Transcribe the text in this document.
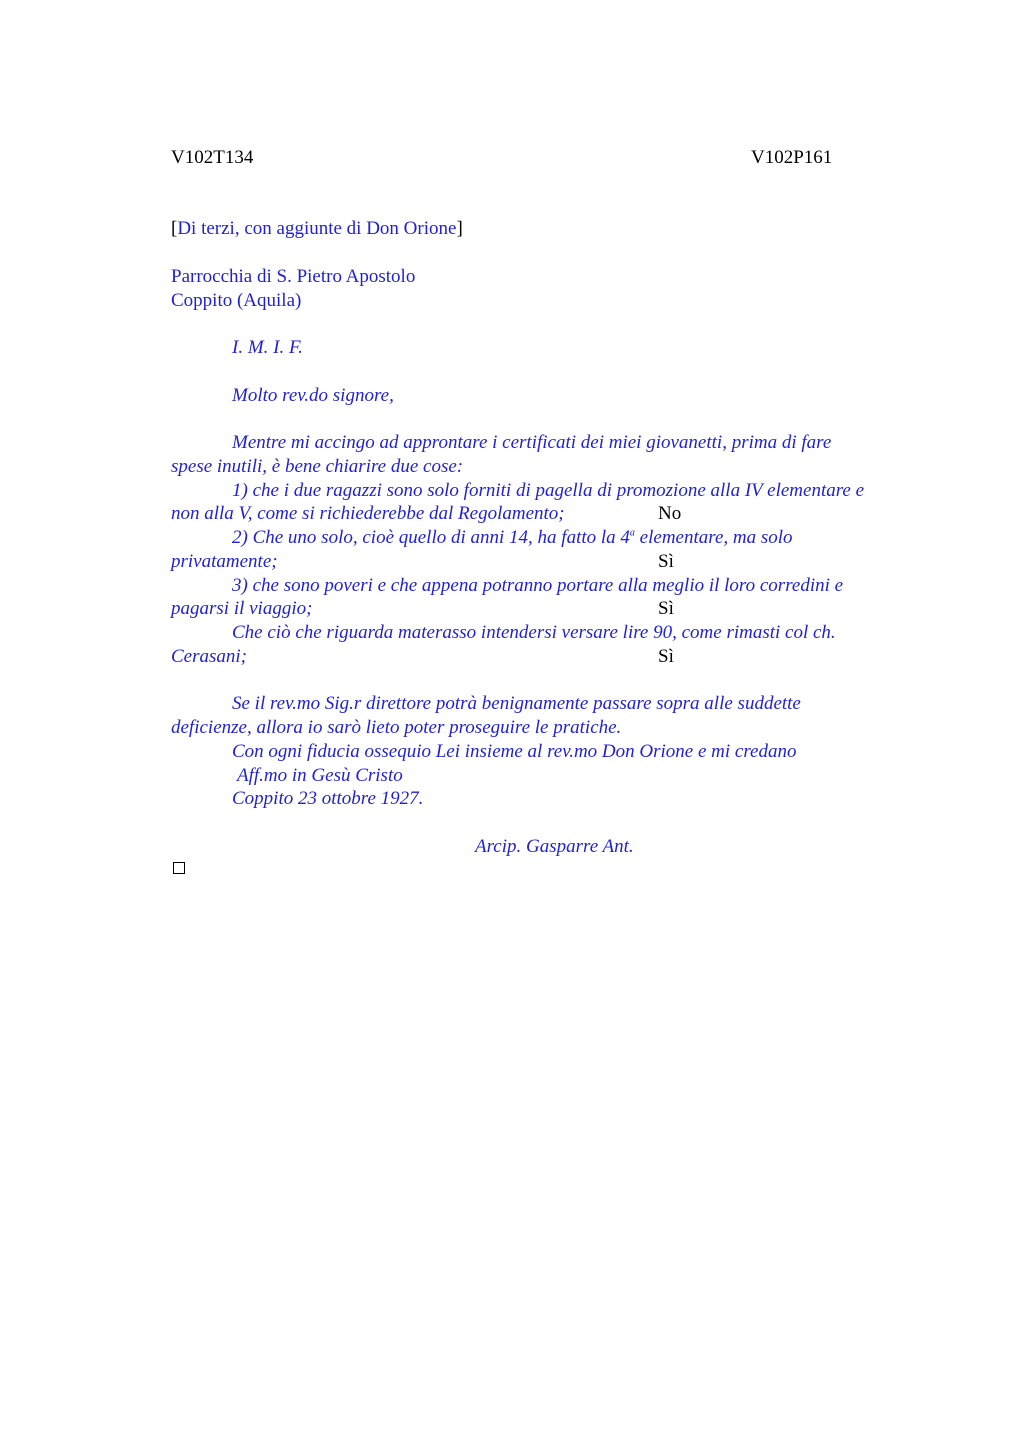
V102T134	V102P161
[Di terzi, con aggiunte di Don Orione]
Parrocchia di S. Pietro Apostolo
Coppito (Aquila)
I. M. I. F.
Molto rev.do signore,
Mentre mi accingo ad approntare i certificati dei miei giovanetti, prima di fare
spese inutili, è bene chiarire due cose:
1) che i due ragazzi sono solo forniti di pagella di promozione alla IV elementare e
non alla V, come si richiederebbe dal Regolamento;	No
2) Che uno solo, cioè quello di anni 14, ha fatto la 4$^a$ elementare, ma solo
privatamente;	Sì
3) che sono poveri e che appena potranno portare alla meglio il loro corredini e
pagarsi il viaggio;	Sì
Che ciò che riguarda materasso intendersi versare lire 90, come rimasti col ch.
Cerasani;	Sì
Se il rev.mo Sig.r direttore potrà benignamente passare sopra alle suddette
deficienze, allora io sarò lieto poter proseguire le pratiche.
Con ogni fiducia ossequio Lei insieme al rev.mo Don Orione e mi credano
Aff.mo in Gesù Cristo
Coppito 23 ottobre 1927.
Arcip. Gasparre Ant.
